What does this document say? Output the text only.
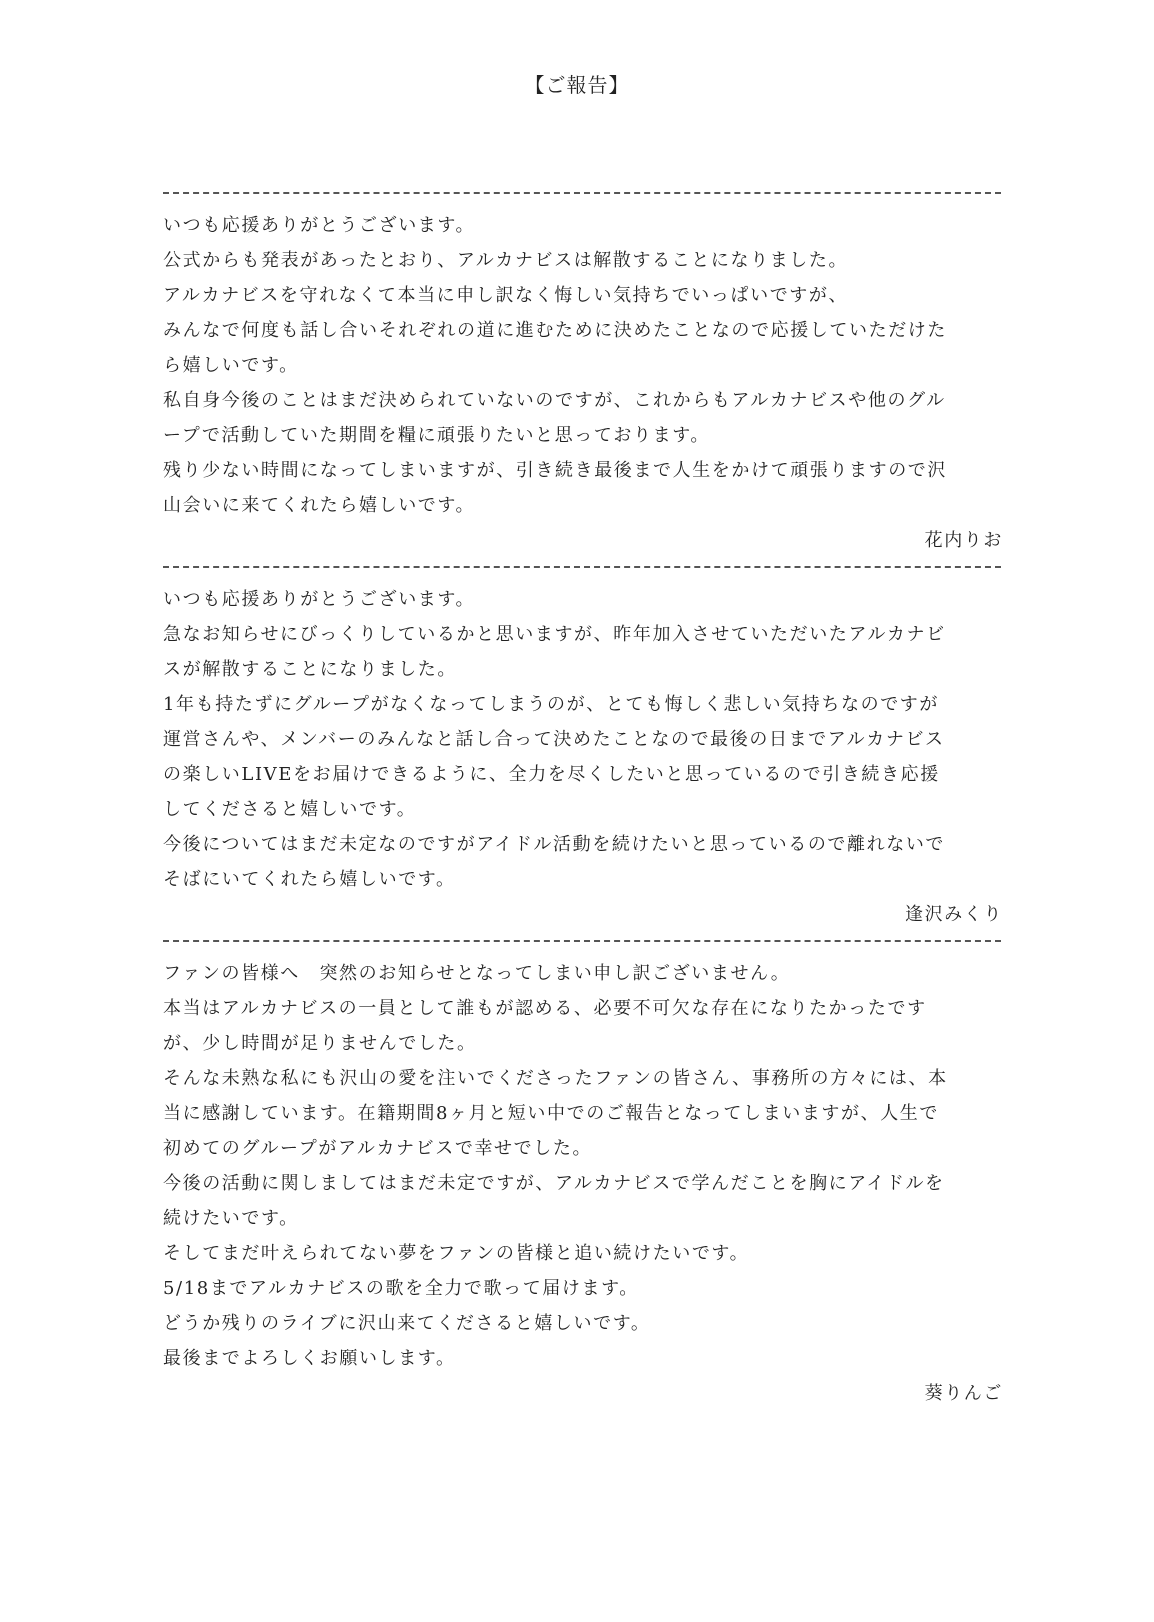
【ご報告】
いつも応援ありがとうございます。
公式からも発表があったとおり、アルカナビスは解散することになりました。
アルカナビスを守れなくて本当に申し訳なく悔しい気持ちでいっぱいですが、
みんなで何度も話し合いそれぞれの道に進むために決めたことなので応援していただけた
ら嬉しいです。
私自身今後のことはまだ決められていないのですが、これからもアルカナビスや他のグル
ープで活動していた期間を糧に頑張りたいと思っております。
残り少ない時間になってしまいますが、引き続き最後まで人生をかけて頑張りますので沢
山会いに来てくれたら嬉しいです。
花内りお
いつも応援ありがとうございます。
急なお知らせにびっくりしているかと思いますが、昨年加入させていただいたアルカナビ
スが解散することになりました。
1年も持たずにグループがなくなってしまうのが、とても悔しく悲しい気持ちなのですが
運営さんや、メンバーのみんなと話し合って決めたことなので最後の日までアルカナビス
の楽しいLIVEをお届けできるように、全力を尽くしたいと思っているので引き続き応援
してくださると嬉しいです。
今後についてはまだ未定なのですがアイドル活動を続けたいと思っているので離れないで
そばにいてくれたら嬉しいです。
逢沢みくり
ファンの皆様へ　突然のお知らせとなってしまい申し訳ございません。
本当はアルカナビスの一員として誰もが認める、必要不可欠な存在になりたかったです
が、少し時間が足りませんでした。
そんな未熟な私にも沢山の愛を注いでくださったファンの皆さん、事務所の方々には、本
当に感謝しています。在籍期間8ヶ月と短い中でのご報告となってしまいますが、人生で
初めてのグループがアルカナビスで幸せでした。
今後の活動に関しましてはまだ未定ですが、アルカナビスで学んだことを胸にアイドルを
続けたいです。
そしてまだ叶えられてない夢をファンの皆様と追い続けたいです。
5/18までアルカナビスの歌を全力で歌って届けます。
どうか残りのライブに沢山来てくださると嬉しいです。
最後までよろしくお願いします。
葵りんご
